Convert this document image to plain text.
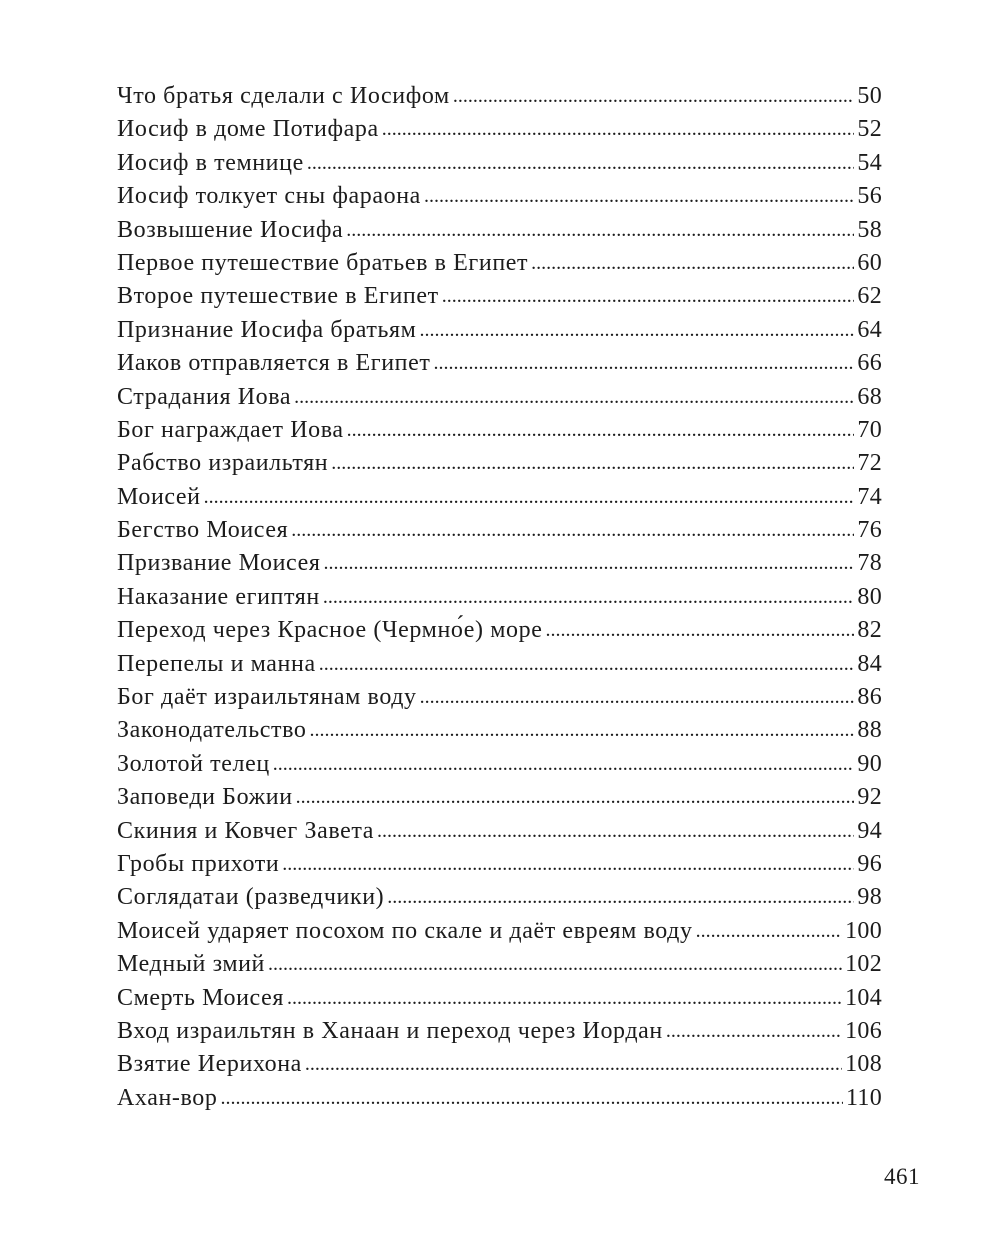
Что братья сделали с Иосифом .....	50
Иосиф в доме Потифара .....	52
Иосиф в темнице .....	54
Иосиф толкует сны фараона .....	56
Возвышение Иосифа .....	58
Первое путешествие братьев в Египет .....	60
Второе путешествие в Египет .....	62
Признание Иосифа братьям .....	64
Иаков отправляется в Египет .....	66
Страдания Иова .....	68
Бог награждает Иова .....	70
Рабство израильтян .....	72
Моисей .....	74
Бегство Моисея .....	76
Призвание Моисея .....	78
Наказание египтян .....	80
Переход через Красное (Чермно́е) море .....	82
Перепелы и манна .....	84
Бог даёт израильтянам воду .....	86
Законодательство .....	88
Золотой телец .....	90
Заповеди Божии .....	92
Скиния и Ковчег Завета .....	94
Гробы прихоти .....	96
Соглядатаи (разведчики) .....	98
Моисей ударяет посохом по скале и даёт евреям воду .....	100
Медный змий .....	102
Смерть Моисея .....	104
Вход израильтян в Ханаан и переход через Иордан .....	106
Взятие Иерихона .....	108
Ахан-вор .....	110
461
